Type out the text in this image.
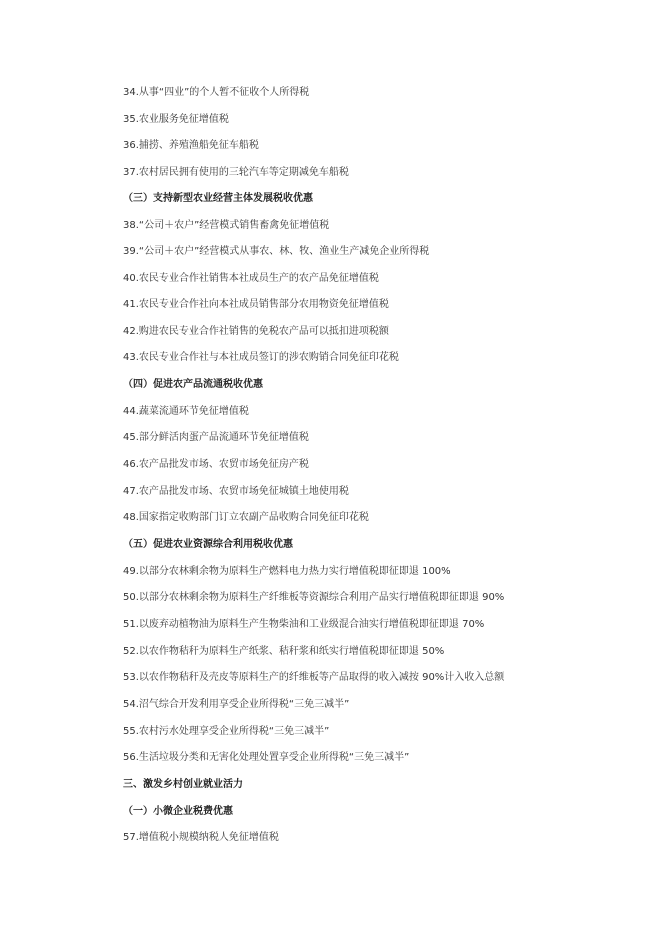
34.从事“四业”的个人暂不征收个人所得税
35.农业服务免征增值税
36.捕捞、养殖渔船免征车船税
37.农村居民拥有使用的三轮汽车等定期减免车船税
（三）支持新型农业经营主体发展税收优惠
38.“公司＋农户”经营模式销售畜禽免征增值税
39.“公司＋农户”经营模式从事农、林、牧、渔业生产减免企业所得税
40.农民专业合作社销售本社成员生产的农产品免征增值税
41.农民专业合作社向本社成员销售部分农用物资免征增值税
42.购进农民专业合作社销售的免税农产品可以抵扣进项税额
43.农民专业合作社与本社成员签订的涉农购销合同免征印花税
（四）促进农产品流通税收优惠
44.蔬菜流通环节免征增值税
45.部分鲜活肉蛋产品流通环节免征增值税
46.农产品批发市场、农贸市场免征房产税
47.农产品批发市场、农贸市场免征城镇土地使用税
48.国家指定收购部门订立农副产品收购合同免征印花税
（五）促进农业资源综合利用税收优惠
49.以部分农林剩余物为原料生产燃料电力热力实行增值税即征即退 100%
50.以部分农林剩余物为原料生产纤维板等资源综合利用产品实行增值税即征即退 90%
51.以废弃动植物油为原料生产生物柴油和工业级混合油实行增值税即征即退 70%
52.以农作物秸秆为原料生产纸浆、秸秆浆和纸实行增值税即征即退 50%
53.以农作物秸秆及壳皮等原料生产的纤维板等产品取得的收入减按 90%计入收入总额
54.沼气综合开发利用享受企业所得税“三免三减半”
55.农村污水处理享受企业所得税“三免三减半”
56.生活垃圾分类和无害化处理处置享受企业所得税“三免三减半”
三、激发乡村创业就业活力
（一）小微企业税费优惠
57.增值税小规模纳税人免征增值税
